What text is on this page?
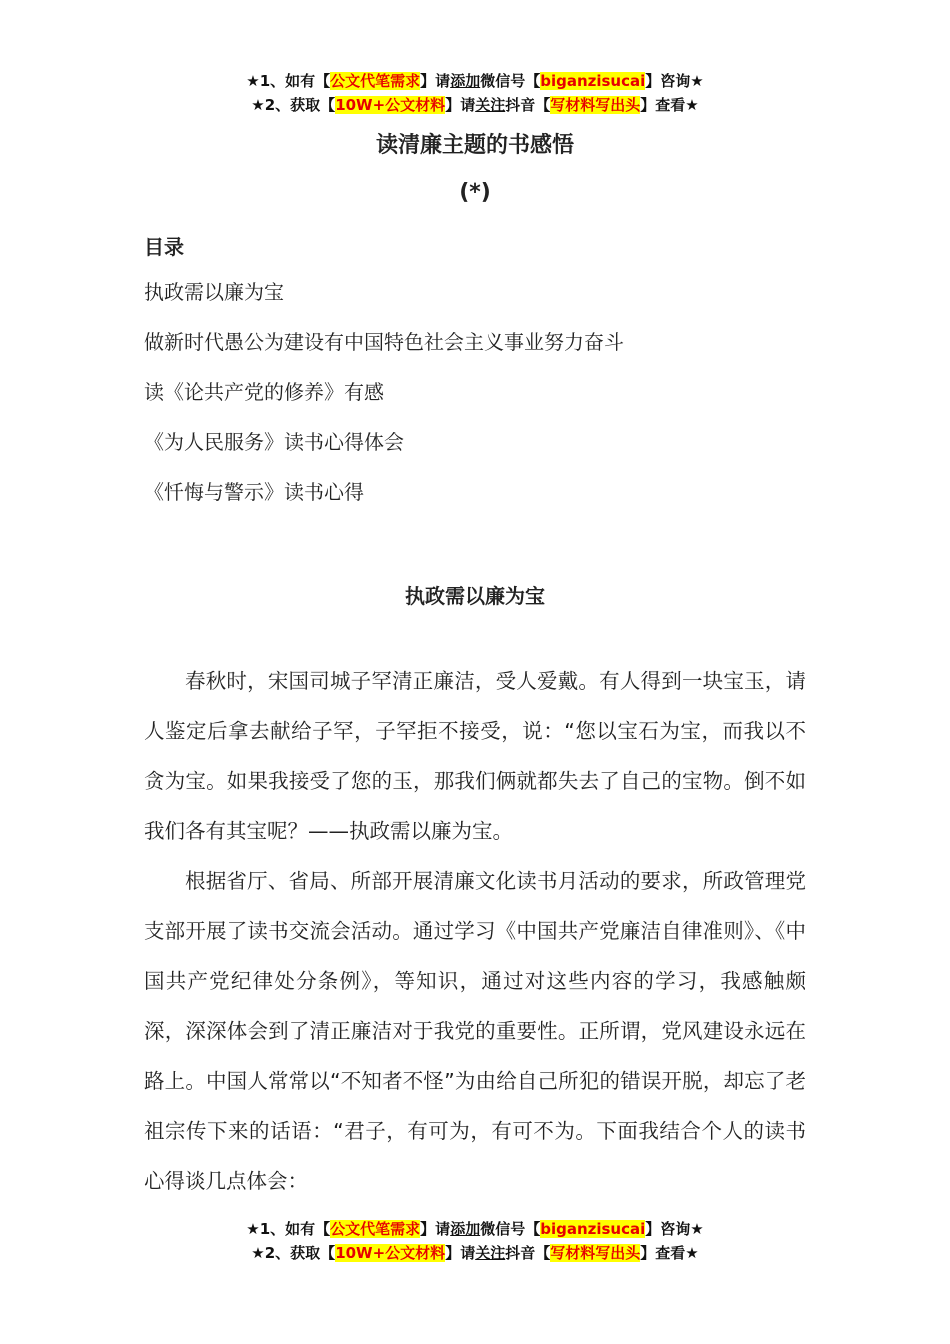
★1、如有【公文代笔需求】请添加微信号【biganzisucai】咨询★
★2、获取【10W+公文材料】请关注抖音【写材料写出头】查看★
读清廉主题的书感悟
(*)
目录
执政需以廉为宝
做新时代愚公为建设有中国特色社会主义事业努力奋斗
读《论共产党的修养》有感
《为人民服务》读书心得体会
《忏悔与警示》读书心得
执政需以廉为宝

春秋时，宋国司城子罕清正廉洁，受人爱戴。有人得到一块宝玉，请人鉴定后拿去献给子罕，子罕拒不接受，说：“您以宝石为宝，而我以不贪为宝。如果我接受了您的玉，那我们俩就都失去了自己的宝物。倒不如我们各有其宝呢？——执政需以廉为宝。

根据省厅、省局、所部开展清廉文化读书月活动的要求，所政管理党支部开展了读书交流会活动。通过学习《中国共产党廉洁自律准则》、《中国共产党纪律处分条例》，等知识，通过对这些内容的学习，我感触颇深，深深体会到了清正廉洁对于我党的重要性。正所谓，党风建设永远在路上。中国人常常以“不知者不怪”为由给自己所犯的错误开脱，却忘了老祖宗传下来的话语：“君子，有可为，有可不为。下面我结合个人的读书心得谈几点体会：

★1、如有【公文代笔需求】请添加微信号【biganzisucai】咨询★
★2、获取【10W+公文材料】请关注抖音【写材料写出头】查看★
